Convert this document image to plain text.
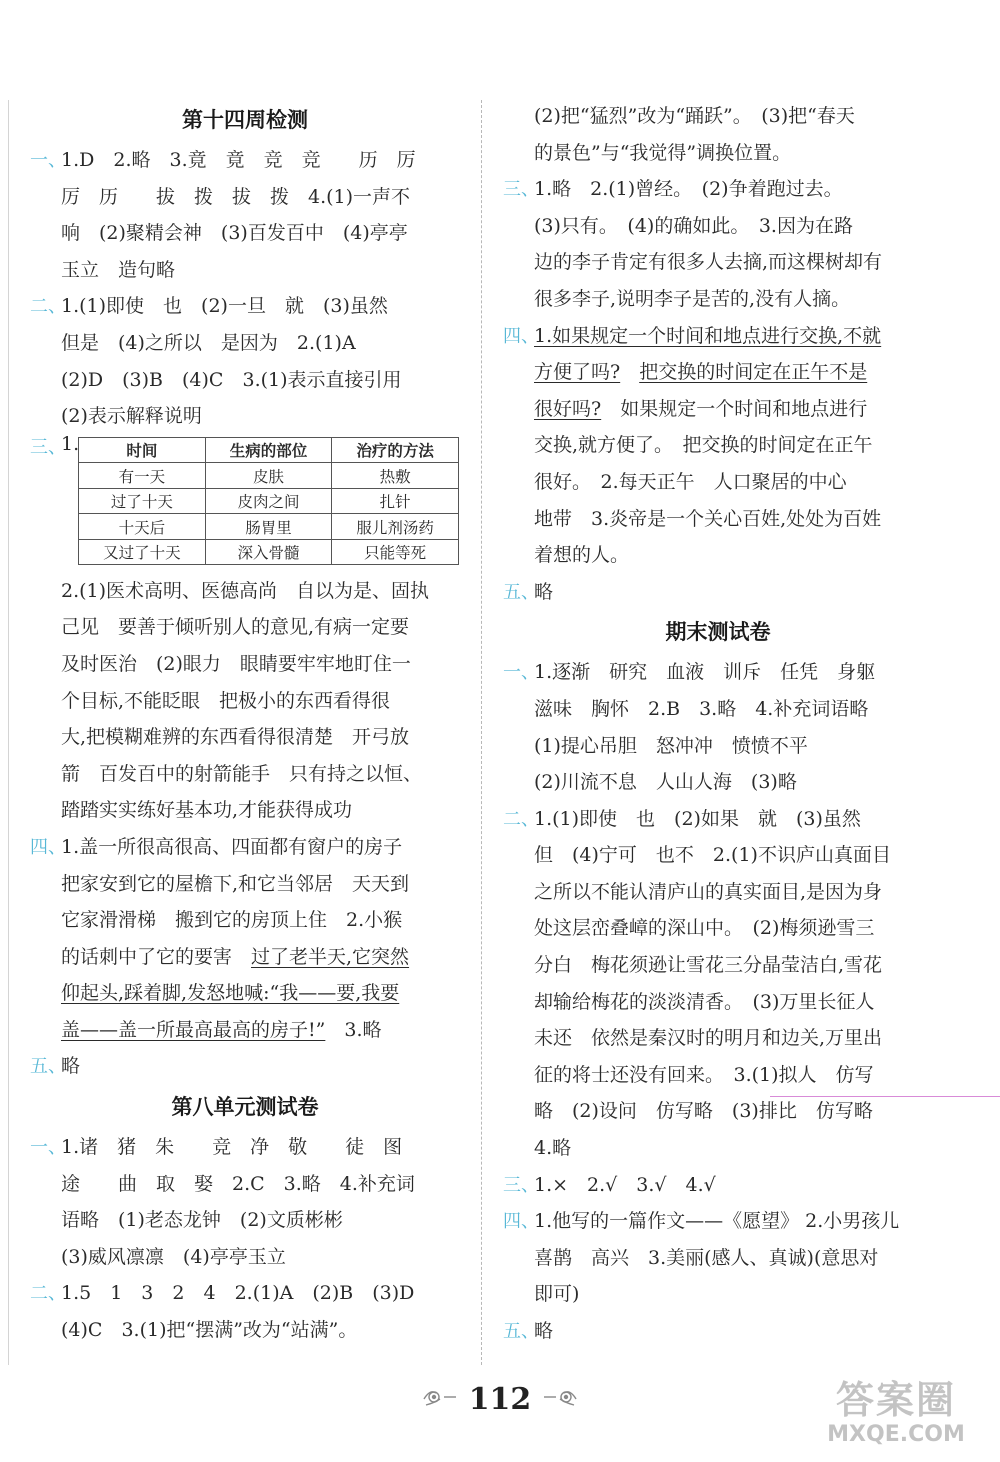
第十四周检测
一、1.D　2.略　3.竟　竟　竞　竞　　历　厉
厉　历　　拔　拨　拔　拨　4.(1)一声不
响　(2)聚精会神　(3)百发百中　(4)亭亭
玉立　造句略
二、1.(1)即使　也　(2)一旦　就　(3)虽然
但是　(4)之所以　是因为　2.(1)A
(2)D　(3)B　(4)C　3.(1)表示直接引用
(2)表示解释说明
三、
1.	时间	生病的部位	治疗的方法
有一天	皮肤	热敷
过了十天	皮肉之间	扎针
十天后	肠胃里	服儿剂汤药
又过了十天	深入骨髓	只能等死
2.(1)医术高明、医德高尚　自以为是、固执
己见　要善于倾听别人的意见,有病一定要
及时医治　(2)眼力　眼睛要牢牢地盯住一
个目标,不能眨眼　把极小的东西看得很
大,把模糊难辨的东西看得很清楚　开弓放
箭　百发百中的射箭能手　只有持之以恒、
踏踏实实练好基本功,才能获得成功
四、1.盖一所很高很高、四面都有窗户的房子
把家安到它的屋檐下,和它当邻居　天天到
它家滑滑梯　搬到它的房顶上住　2.小猴
的话刺中了它的要害　过了老半天,它突然
仰起头,踩着脚,发怒地喊:“我——要,我要
盖——盖一所最高最高的房子!”　3.略
五、略
第八单元测试卷
一、1.诸　猪　朱　　竞　净　敬　　徒　图
途　　曲　取　娶　2.C　3.略　4.补充词
语略　(1)老态龙钟　(2)文质彬彬
(3)威风凛凛　(4)亭亭玉立
二、1.5　1　3　2　4　2.(1)A　(2)B　(3)D
(4)C　3.(1)把“摆满”改为“站满”。
(2)把“猛烈”改为“踊跃”。　(3)把“春天
的景色”与“我觉得”调换位置。
三、1.略　2.(1)曾经。　(2)争着跑过去。
(3)只有。　(4)的确如此。　3.因为在路
边的李子肯定有很多人去摘,而这棵树却有
很多李子,说明李子是苦的,没有人摘。
四、1.如果规定一个时间和地点进行交换,不就
方便了吗?　 把交换的时间定在正午不是
很好吗?　如果规定一个时间和地点进行
交换,就方便了。　把交换的时间定在正午
很好。　2.每天正午　人口聚居的中心
地带　3.炎帝是一个关心百姓,处处为百姓
着想的人。
五、略
期末测试卷
一、1.逐渐　研究　血液　训斥　任凭　身躯
滋味　胸怀　2.B　3.略　4.补充词语略
(1)提心吊胆　怒冲冲　愤愤不平
(2)川流不息　人山人海　(3)略
二、1.(1)即使　也　(2)如果　就　(3)虽然
但　(4)宁可　也不　2.(1)不识庐山真面目
之所以不能认清庐山的真实面目,是因为身
处这层峦叠嶂的深山中。　(2)梅须逊雪三
分白　梅花须逊让雪花三分晶莹洁白,雪花
却输给梅花的淡淡清香。　(3)万里长征人
未还　依然是秦汉时的明月和边关,万里出
征的将士还没有回来。　3.(1)拟人　仿写
略　(2)设问　仿写略　(3)排比　仿写略
4.略
三、1.×　2.√　3.√　4.√
四、1.他写的一篇作文——《愿望》 2.小男孩儿
喜鹊　高兴　3.美丽(感人、真诚)(意思对
即可)
五、略
112	答案圈
MXQE.COM
